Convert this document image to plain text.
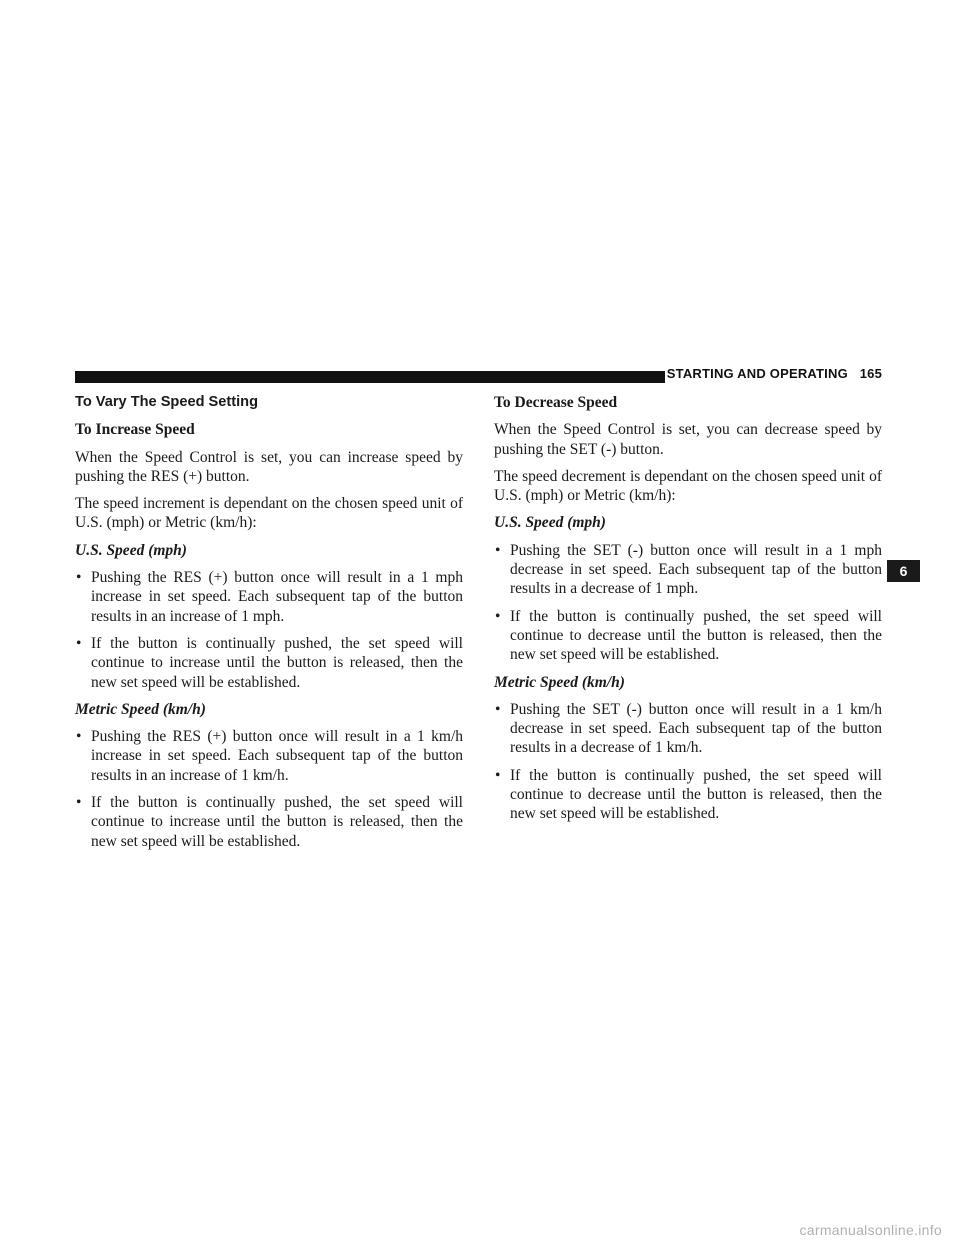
STARTING AND OPERATING 165
To Vary The Speed Setting
To Increase Speed

When the Speed Control is set, you can increase speed by pushing the RES (+) button.

The speed increment is dependant on the chosen speed unit of U.S. (mph) or Metric (km/h):

U.S. Speed (mph)
• Pushing the RES (+) button once will result in a 1 mph increase in set speed. Each subsequent tap of the button results in an increase of 1 mph.
• If the button is continually pushed, the set speed will continue to increase until the button is released, then the new set speed will be established.
Metric Speed (km/h)
• Pushing the RES (+) button once will result in a 1 km/h increase in set speed. Each subsequent tap of the button results in an increase of 1 km/h.
• If the button is continually pushed, the set speed will continue to increase until the button is released, then the new set speed will be established.
To Decrease Speed

When the Speed Control is set, you can decrease speed by pushing the SET (-) button.

The speed decrement is dependant on the chosen speed unit of U.S. (mph) or Metric (km/h):

U.S. Speed (mph)
• Pushing the SET (-) button once will result in a 1 mph decrease in set speed. Each subsequent tap of the button results in a decrease of 1 mph.
• If the button is continually pushed, the set speed will continue to decrease until the button is released, then the new set speed will be established.
Metric Speed (km/h)
• Pushing the SET (-) button once will result in a 1 km/h decrease in set speed. Each subsequent tap of the button results in a decrease of 1 km/h.
• If the button is continually pushed, the set speed will continue to decrease until the button is released, then the new set speed will be established.
6
carmanualsonline.info
